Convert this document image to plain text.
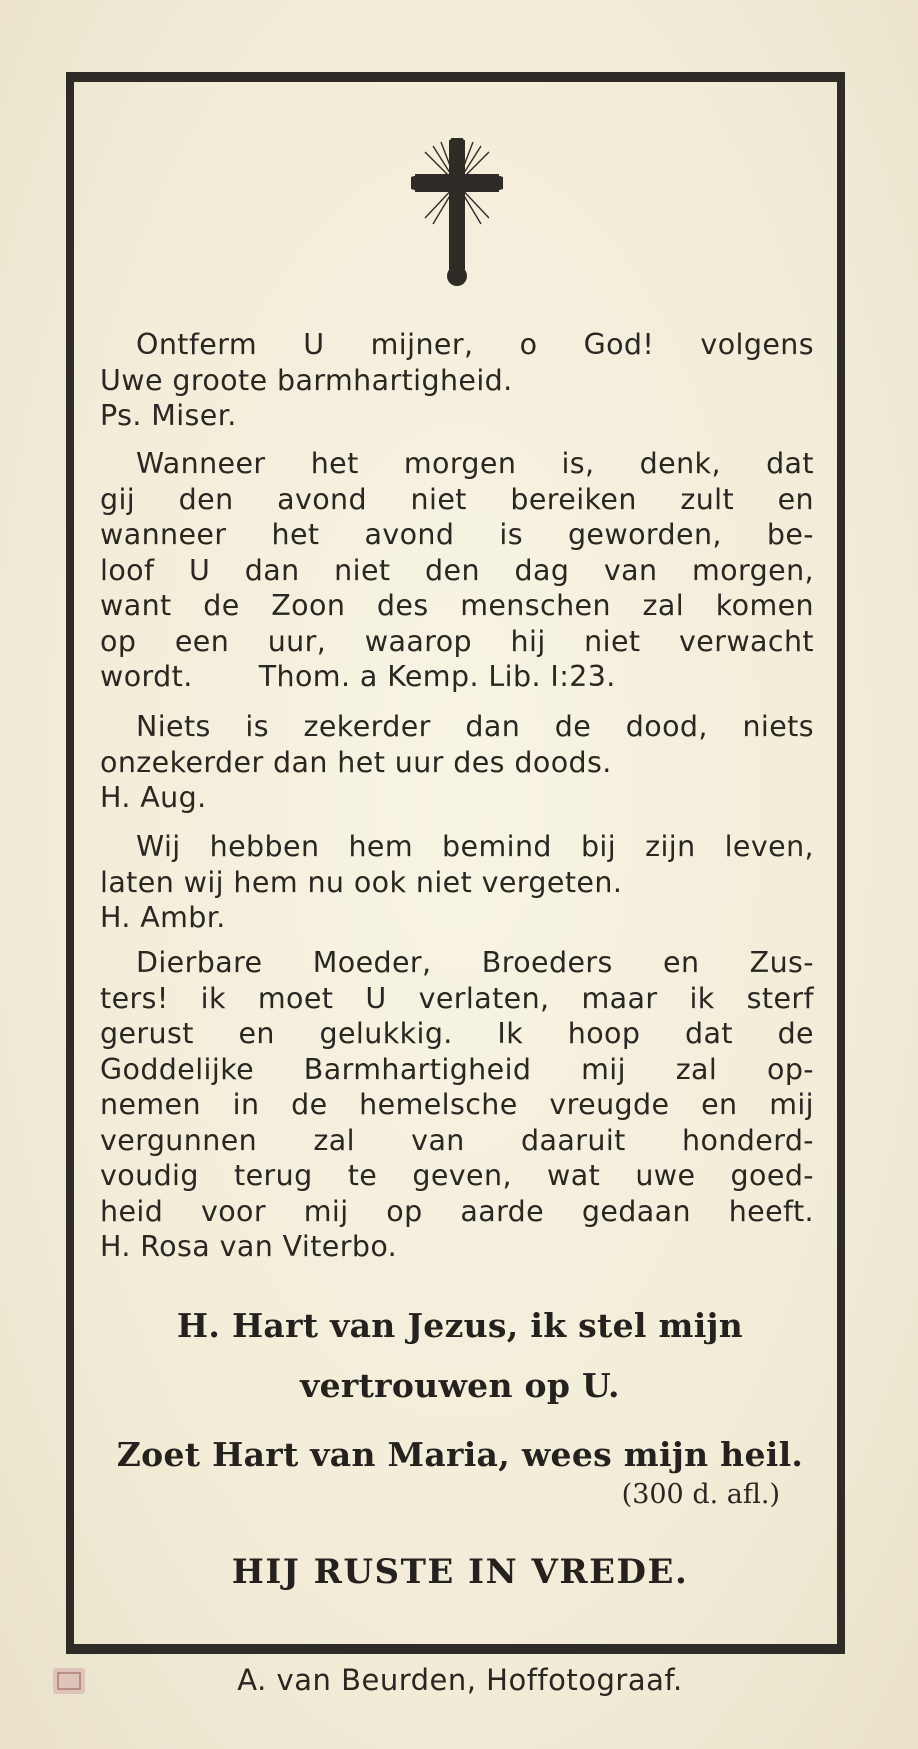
Ontferm U mijner, o God! volgens
Uwe groote barmhartigheid.
Ps. Miser.
Wanneer het morgen is, denk, dat
gij den avond niet bereiken zult en
wanneer het avond is geworden, be-
loof U dan niet den dag van morgen,
want de Zoon des menschen zal komen
op een uur, waarop hij niet verwacht
wordt. Thom. a Kemp. Lib. I:23.
Niets is zekerder dan de dood, niets
onzekerder dan het uur des doods.
H. Aug.
Wij hebben hem bemind bij zijn leven,
laten wij hem nu ook niet vergeten.
H. Ambr.
Dierbare Moeder, Broeders en Zus-
ters! ik moet U verlaten, maar ik sterf
gerust en gelukkig. Ik hoop dat de
Goddelijke Barmhartigheid mij zal op-
nemen in de hemelsche vreugde en mij
vergunnen zal van daaruit honderd-
voudig terug te geven, wat uwe goed-
heid voor mij op aarde gedaan heeft.
H. Rosa van Viterbo.
H. Hart van Jezus, ik stel mijn
vertrouwen op U.
Zoet Hart van Maria, wees mijn heil.
(300 d. afl.)
HIJ RUSTE IN VREDE.
A. van Beurden, Hoffotograaf.
